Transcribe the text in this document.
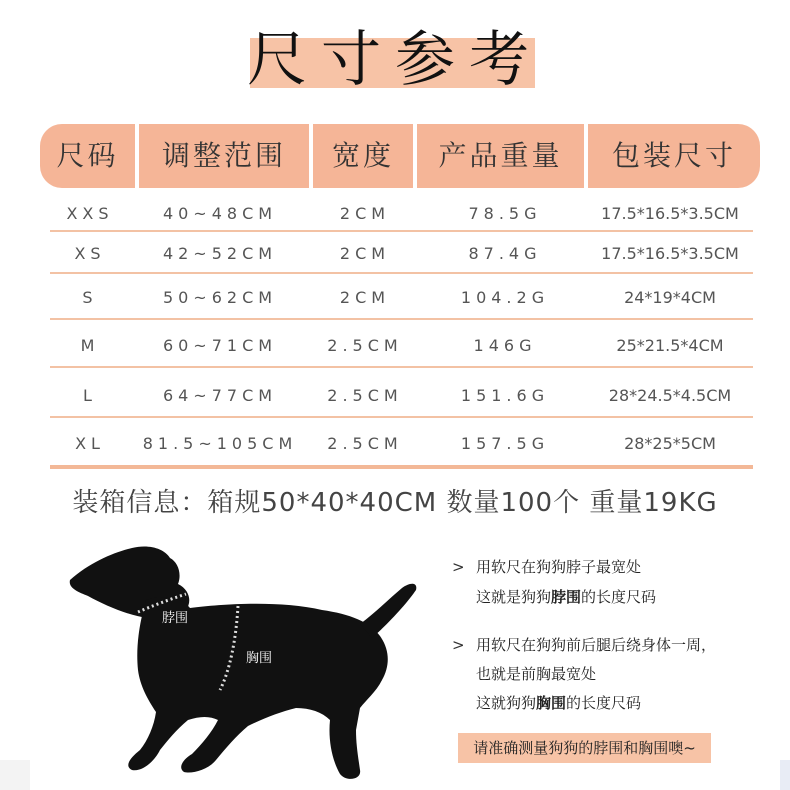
尺寸参考
尺码	调整范围	宽度	产品重量	包装尺寸
XXS	40~48CM	2CM	78.5G	17.5*16.5*3.5CM
XS	42~52CM	2CM	87.4G	17.5*16.5*3.5CM
S	50~62CM	2CM	104.2G	24*19*4CM
M	60~71CM	2.5CM	146G	25*21.5*4CM
L	64~77CM	2.5CM	151.6G	28*24.5*4.5CM
XL	81.5~105CM	2.5CM	157.5G	28*25*5CM
装箱信息：箱规50*40*40CM 数量100个 重量19KG
脖围
胸围
> 用软尺在狗狗脖子最宽处
这就是狗狗脖围的长度尺码
> 用软尺在狗狗前后腿后绕身体一周，
也就是前胸最宽处
这就狗狗胸围的长度尺码
请准确测量狗狗的脖围和胸围噢~
